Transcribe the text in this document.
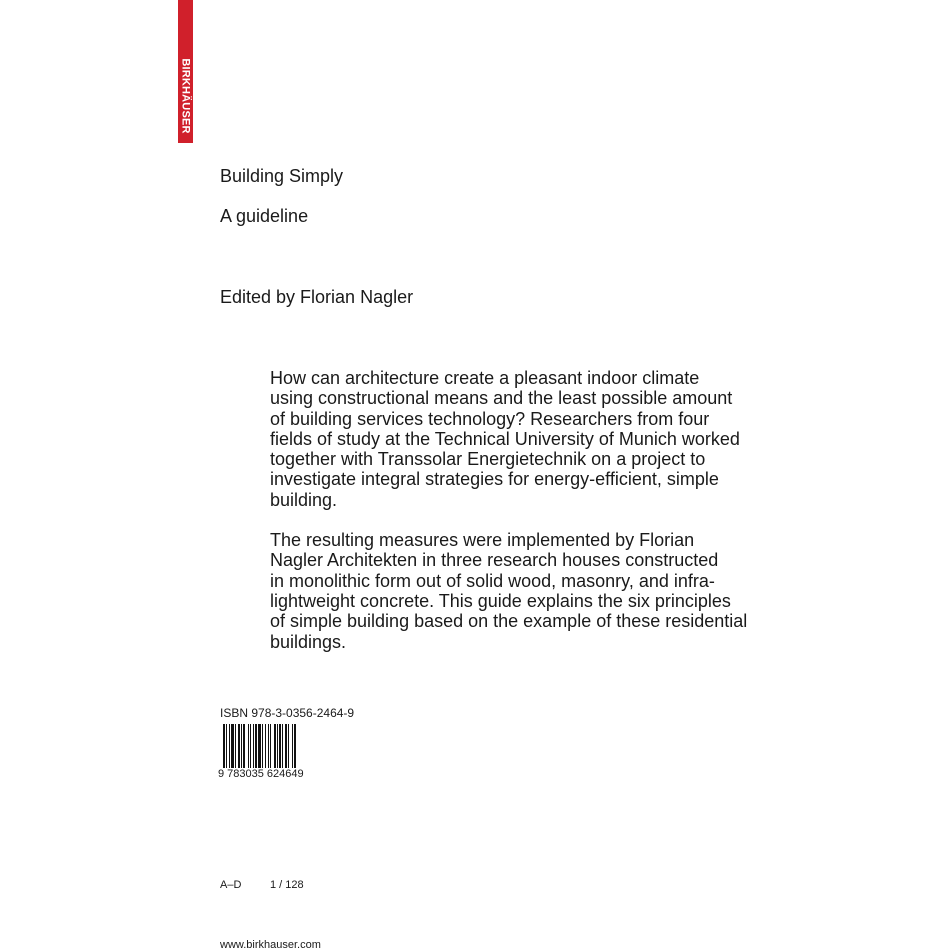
BIRKHÄUSER
Building Simply
A guideline
Edited by Florian Nagler

How can architecture create a pleasant indoor climate
using constructional means and the least possible amount
of building services technology? Researchers from four
fields of study at the Technical University of Munich worked
together with Transsolar Energietechnik on a project to
investigate integral strategies for energy-efficient, simple
building.

The resulting measures were implemented by Florian
Nagler Architekten in three research houses constructed
in monolithic form out of solid wood, masonry, and infra-
lightweight concrete. This guide explains the six principles
of simple building based on the example of these residential
buildings.

ISBN 978-3-0356-2464-9
9 783035 624649
A–D	1 / 128
www.birkhauser.com
